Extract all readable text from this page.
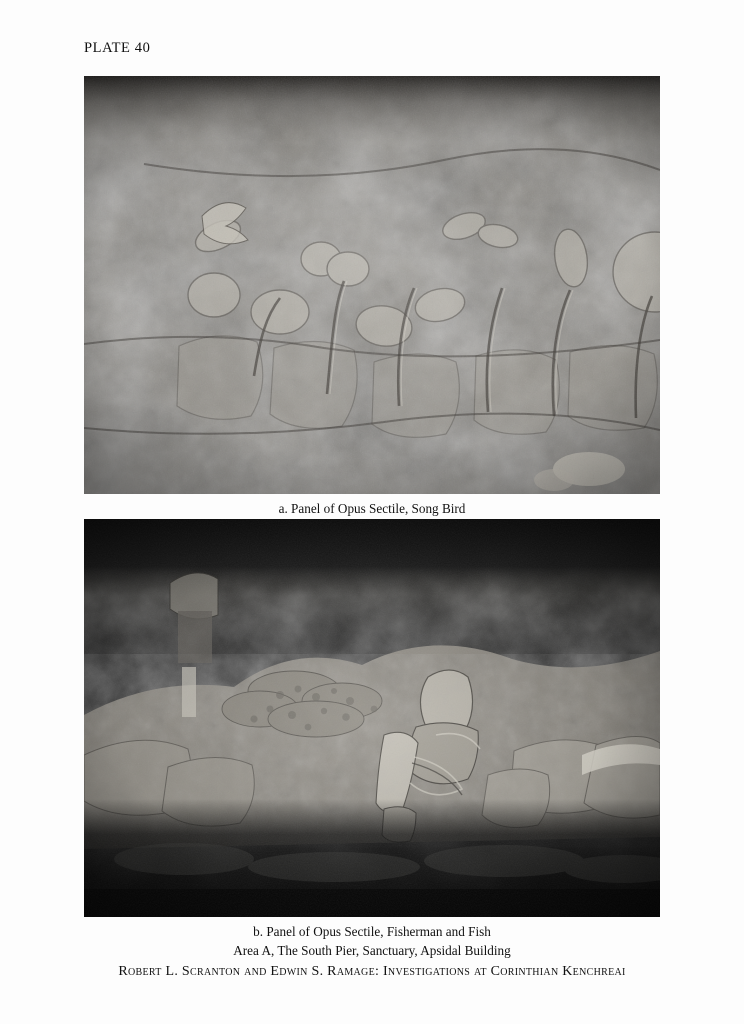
PLATE 40
a. Panel of Opus Sectile, Song Bird
b. Panel of Opus Sectile, Fisherman and Fish
Area A, The South Pier, Sanctuary, Apsidal Building
Robert L. Scranton and Edwin S. Ramage: Investigations at Corinthian Kenchreai
